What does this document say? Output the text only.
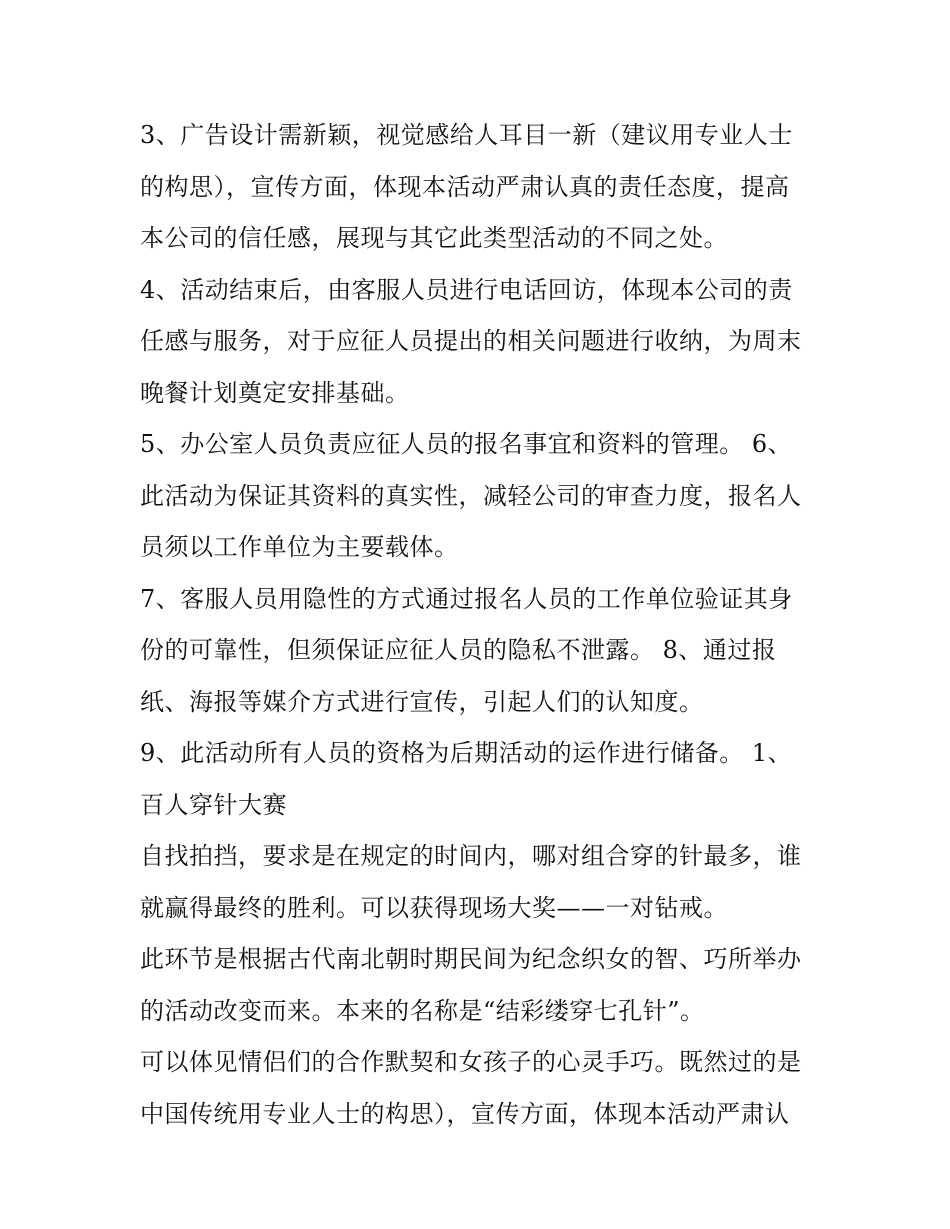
3、广告设计需新颖，视觉感给人耳目一新（建议用专业人士
的构思），宣传方面，体现本活动严肃认真的责任态度，提高
本公司的信任感，展现与其它此类型活动的不同之处。
4、活动结束后，由客服人员进行电话回访，体现本公司的责
任感与服务，对于应征人员提出的相关问题进行收纳，为周末
晚餐计划奠定安排基础。
5、办公室人员负责应征人员的报名事宜和资料的管理。 6、
此活动为保证其资料的真实性，减轻公司的审查力度，报名人
员须以工作单位为主要载体。
7、客服人员用隐性的方式通过报名人员的工作单位验证其身
份的可靠性，但须保证应征人员的隐私不泄露。 8、通过报
纸、海报等媒介方式进行宣传，引起人们的认知度。
9、此活动所有人员的资格为后期活动的运作进行储备。 1、
百人穿针大赛
自找拍挡，要求是在规定的时间内，哪对组合穿的针最多，谁
就赢得最终的胜利。可以获得现场大奖——一对钻戒。
此环节是根据古代南北朝时期民间为纪念织女的智、巧所举办
的活动改变而来。本来的名称是“结彩缕穿七孔针”。
可以体见情侣们的合作默契和女孩子的心灵手巧。既然过的是
中国传统用专业人士的构思），宣传方面，体现本活动严肃认
